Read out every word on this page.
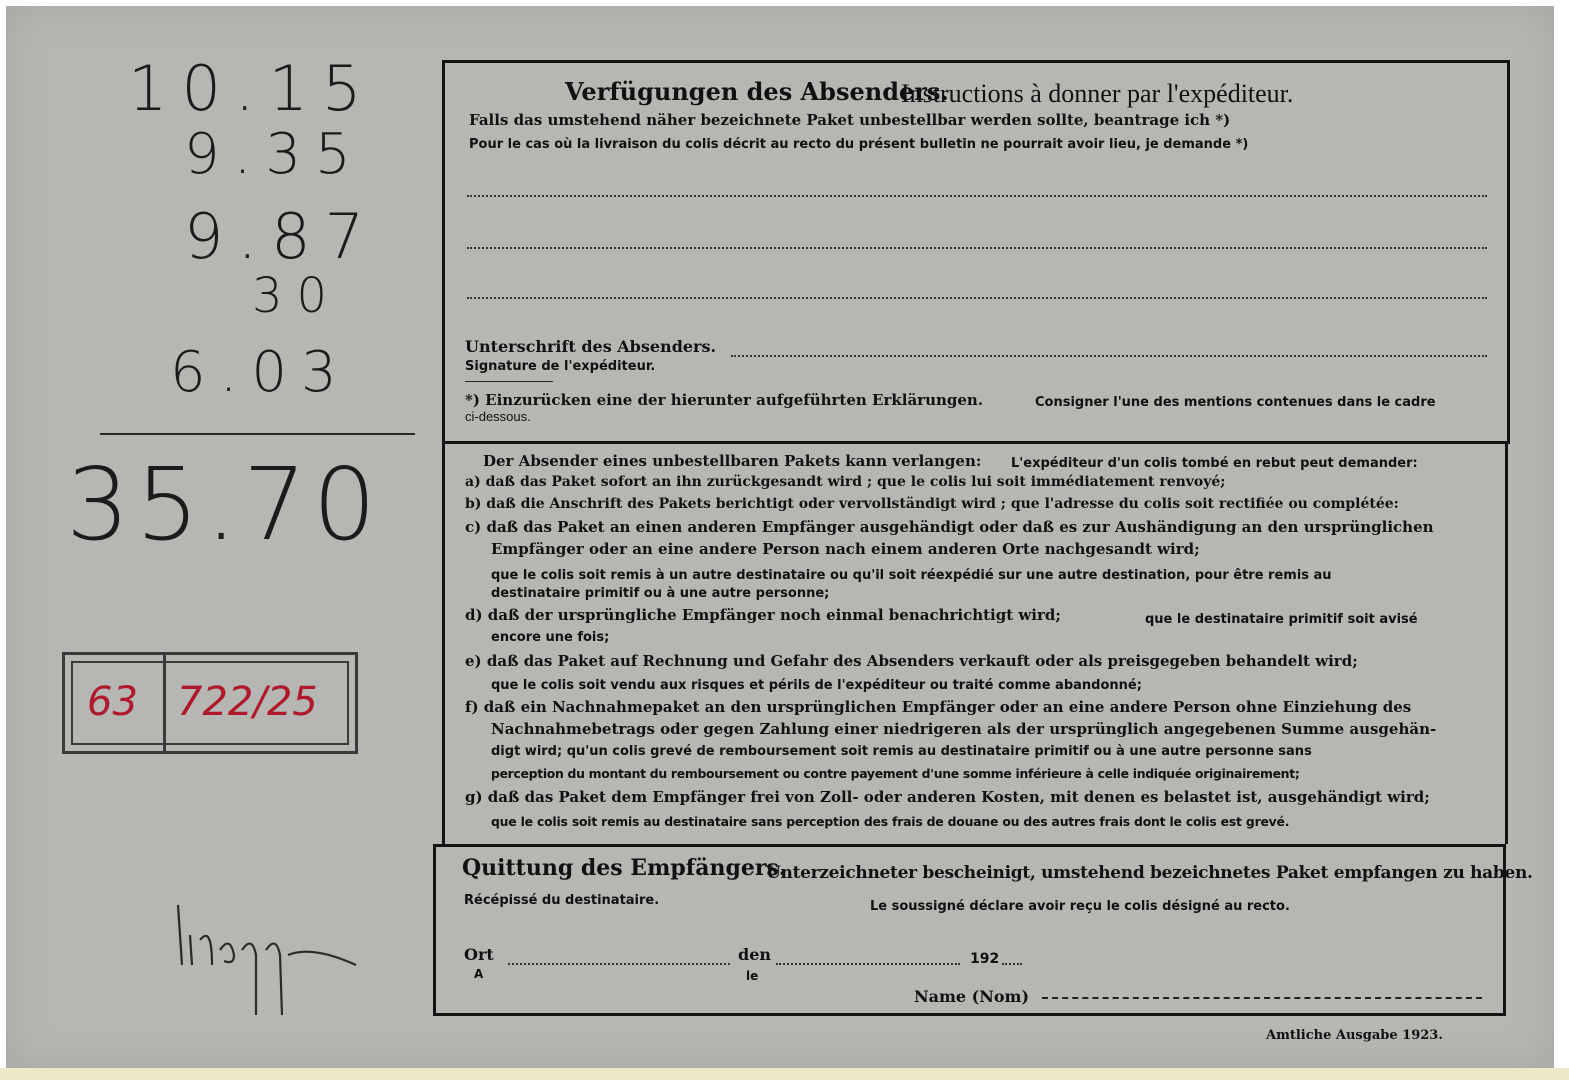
10.15
9.35
9.87
30
6.03
35.70
63 722/25
Verfügungen des Absenders.
Instructions à donner par l'expéditeur.
Falls das umstehend näher bezeichnete Paket unbestellbar werden sollte, beantrage ich *)
Pour le cas où la livraison du colis décrit au recto du présent bulletin ne pourrait avoir lieu, je demande *)
Unterschrift des Absenders.
Signature de l'expéditeur.
*) Einzurücken eine der hierunter aufgeführten Erklärungen.	Consigner l'une des mentions contenues dans le cadre
ci-dessous.
Der Absender eines unbestellbaren Pakets kann verlangen: L'expéditeur d'un colis tombé en rebut peut demander:
a) daß das Paket sofort an ihn zurückgesandt wird ; que le colis lui soit immédiatement renvoyé;
b) daß die Anschrift des Pakets berichtigt oder vervollständigt wird ; que l'adresse du colis soit rectifiée ou complétée:
c) daß das Paket an einen anderen Empfänger ausgehändigt oder daß es zur Aushändigung an den ursprünglichen
Empfänger oder an eine andere Person nach einem anderen Orte nachgesandt wird;
que le colis soit remis à un autre destinataire ou qu'il soit réexpédié sur une autre destination, pour être remis au
destinataire primitif ou à une autre personne;
d) daß der ursprüngliche Empfänger noch einmal benachrichtigt wird;	que le destinataire primitif soit avisé
encore une fois;
e) daß das Paket auf Rechnung und Gefahr des Absenders verkauft oder als preisgegeben behandelt wird;
que le colis soit vendu aux risques et périls de l'expéditeur ou traité comme abandonné;
f) daß ein Nachnahmepaket an den ursprünglichen Empfänger oder an eine andere Person ohne Einziehung des
Nachnahmebetrags oder gegen Zahlung einer niedrigeren als der ursprünglich angegebenen Summe ausgehän-
digt wird; qu'un colis grevé de remboursement soit remis au destinataire primitif ou à une autre personne sans
perception du montant du remboursement ou contre payement d'une somme inférieure à celle indiquée originairement;
g) daß das Paket dem Empfänger frei von Zoll- oder anderen Kosten, mit denen es belastet ist, ausgehändigt wird;
que le colis soit remis au destinataire sans perception des frais de douane ou des autres frais dont le colis est grevé.
Quittung des Empfängers.
Unterzeichneter bescheinigt, umstehend bezeichnetes Paket empfangen zu haben.
Récépissé du destinataire.	Le soussigné déclare avoir reçu le colis désigné au recto.
Ort
A
den
le
192
Name (Nom)
Amtliche Ausgabe 1923.
